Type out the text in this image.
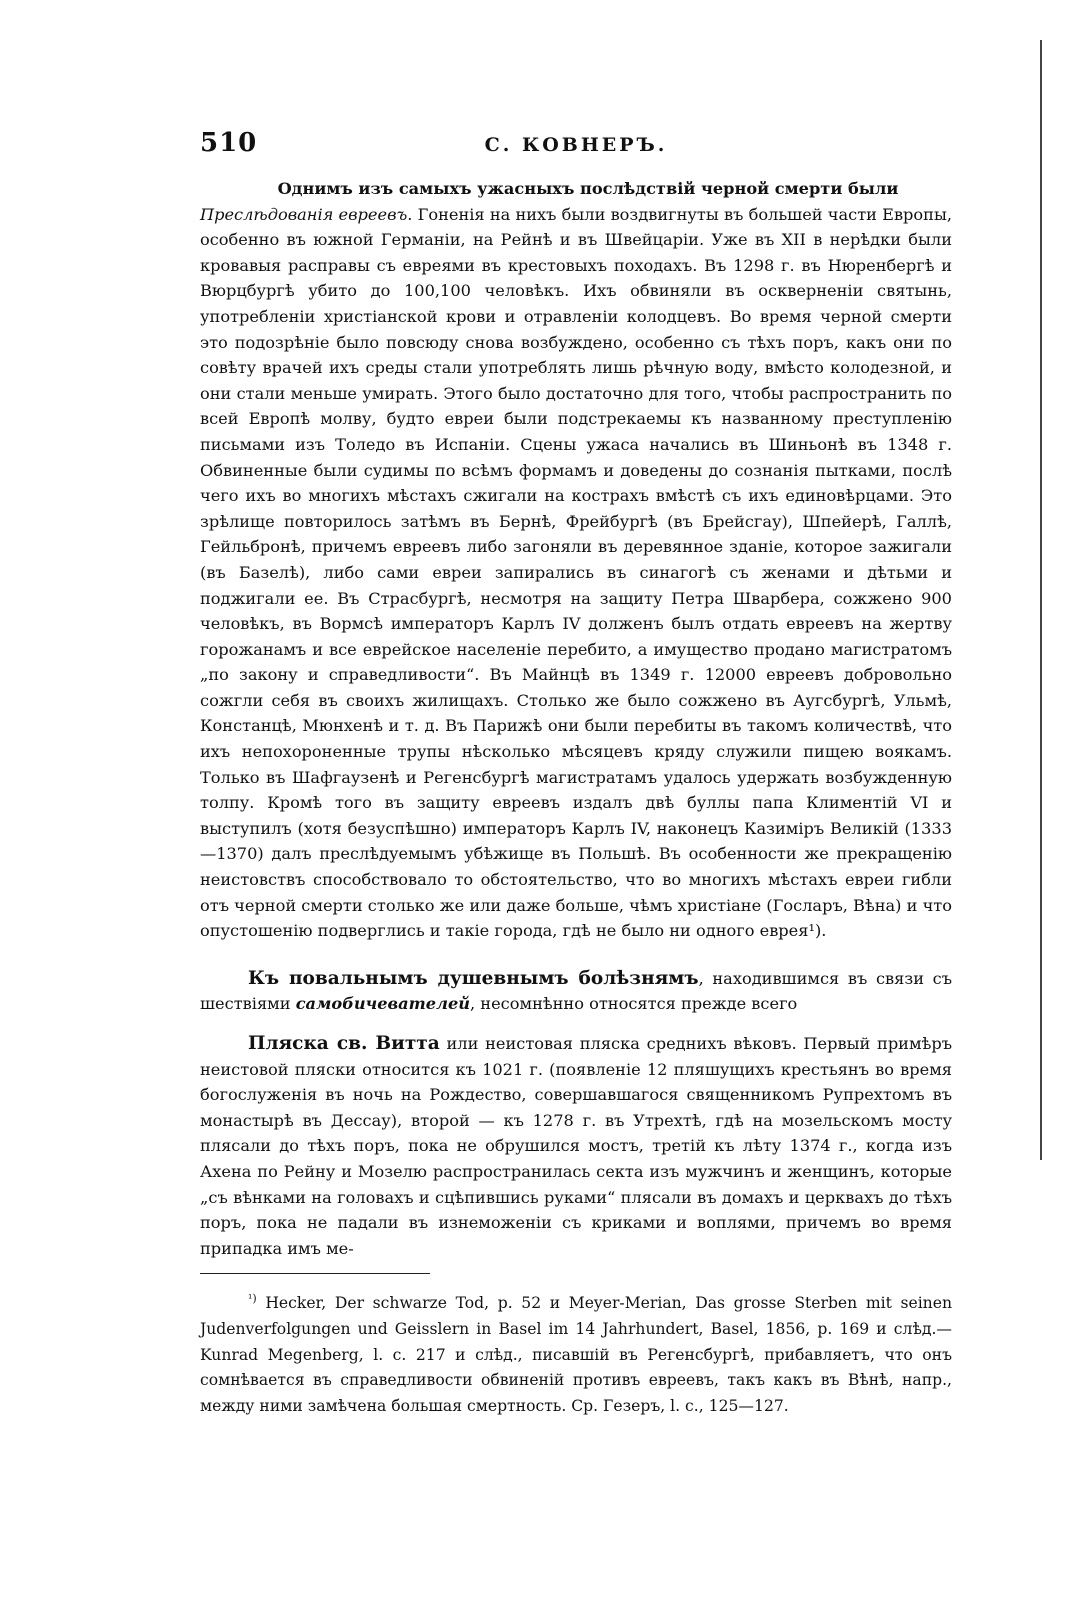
510	С. КОВНЕРЪ.

Однимъ изъ самыхъ ужасныхъ послѣдствій черной смерти были
Преслѣдованія евреевъ. Гоненія на нихъ были воздвигнуты въ большей части Европы, особенно въ южной Германіи, на Рейнѣ и въ Швейцаріи. Уже въ XII в нерѣдки были кровавыя расправы съ евреями въ крестовыхъ походахъ. Въ 1298 г. въ Нюренбергѣ и Вюрцбургѣ убито до 100,100 человѣкъ. Ихъ обвиняли въ оскверненіи святынь, употребленіи христіанской крови и отравленіи колодцевъ. Во время черной смерти это подозрѣніе было повсюду снова возбуждено, особенно съ тѣхъ поръ, какъ они по совѣту врачей ихъ среды стали употреблять лишь рѣчную воду, вмѣсто колодезной, и они стали меньше умирать. Этого было достаточно для того, чтобы распространить по всей Европѣ молву, будто евреи были подстрекаемы къ названному преступленію письмами изъ Толедо въ Испаніи. Сцены ужаса начались въ Шиньонѣ въ 1348 г. Обвиненные были судимы по всѣмъ формамъ и доведены до сознанія пытками, послѣ чего ихъ во многихъ мѣстахъ сжигали на кострахъ вмѣстѣ съ ихъ единовѣрцами. Это зрѣлище повторилось затѣмъ въ Бернѣ, Фрейбургѣ (въ Брейсгау), Шпейерѣ, Галлѣ, Гейльбронѣ, причемъ евреевъ либо загоняли въ деревянное зданіе, которое зажигали (въ Базелѣ), либо сами евреи запирались въ синагогѣ съ женами и дѣтьми и поджигали ее. Въ Страсбургѣ, несмотря на защиту Петра Шварбера, сожжено 900 человѣкъ, въ Вормсѣ императоръ Карлъ IV долженъ былъ отдать евреевъ на жертву горожанамъ и все еврейское населеніе перебито, а имущество продано магистратомъ „по закону и справедливости“. Въ Майнцѣ въ 1349 г. 12000 евреевъ добровольно сожгли себя въ своихъ жилищахъ. Столько же было сожжено въ Аугсбургѣ, Ульмѣ, Констанцѣ, Мюнхенѣ и т. д. Въ Парижѣ они были перебиты въ такомъ количествѣ, что ихъ непохороненные трупы нѣсколько мѣсяцевъ кряду служили пищею воякамъ. Только въ Шафгаузенѣ и Регенсбургѣ магистратамъ удалось удержать возбужденную толпу. Кромѣ того въ защиту евреевъ издалъ двѣ буллы папа Климентій VI и выступилъ (хотя безуспѣшно) императоръ Карлъ IV, наконецъ Казиміръ Великій (1333—1370) далъ преслѣдуемымъ убѣжище въ Польшѣ. Въ особенности же прекращенію неистовствъ способствовало то обстоятельство, что во многихъ мѣстахъ евреи гибли отъ черной смерти столько же или даже больше, чѣмъ христіане (Госларъ, Вѣна) и что опустошенію подверглись и такіе города, гдѣ не было ни одного еврея¹).

Къ повальнымъ душевнымъ болѣзнямъ, находившимся въ связи съ шествіями самобичевателей, несомнѣнно относятся прежде всего

Пляска св. Витта или неистовая пляска среднихъ вѣковъ. Первый примѣръ неистовой пляски относится къ 1021 г. (появленіе 12 пляшущихъ крестьянъ во время богослуженія въ ночь на Рождество, совершавшагося священникомъ Рупрехтомъ въ монастырѣ въ Дессау), второй — къ 1278 г. въ Утрехтѣ, гдѣ на мозельскомъ мосту плясали до тѣхъ поръ, пока не обрушился мостъ, третій къ лѣту 1374 г., когда изъ Ахена по Рейну и Мозелю распространилась секта изъ мужчинъ и женщинъ, которые „съ вѣнками на головахъ и сцѣпившись руками“ плясали въ домахъ и церквахъ до тѣхъ поръ, пока не падали въ изнеможеніи съ криками и воплями, причемъ во время припадка имъ ме-

$^{^1)}$ Hecker, Der schwarze Tod, p. 52 и Meyer-Merian, Das grosse Sterben mit seinen Judenverfolgungen und Geisslern in Basel im 14 Jahrhundert, Basel, 1856, p. 169 и слѣд.—Kunrad Megenberg, l. c. 217 и слѣд., писавшій въ Регенсбургѣ, прибавляетъ, что онъ сомнѣвается въ справедливости обвиненій противъ евреевъ, такъ какъ въ Вѣнѣ, напр., между ними замѣчена большая смертность. Ср. Гезеръ, l. c., 125—127.
